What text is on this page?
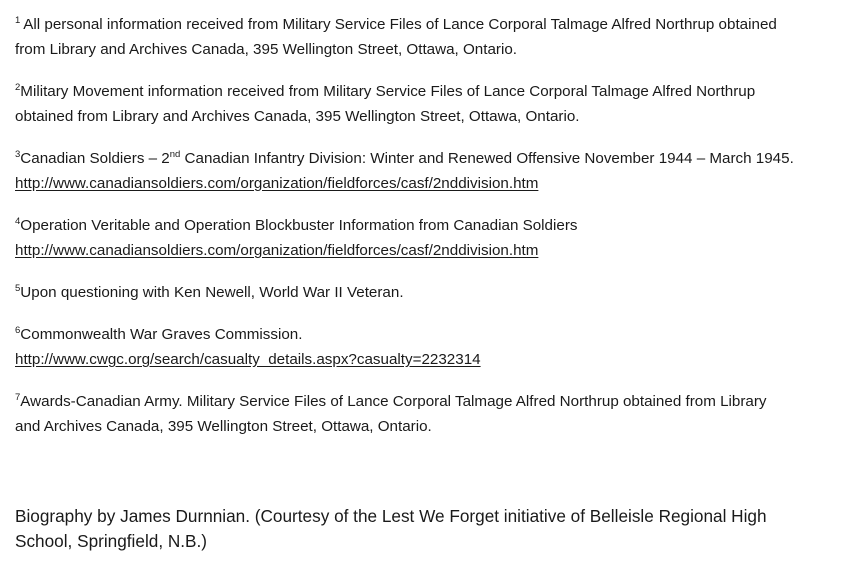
$^1$ All personal information received from Military Service Files of Lance Corporal Talmage Alfred Northrup obtained
from Library and Archives Canada, 395 Wellington Street, Ottawa, Ontario.

$^2$Military Movement information received from Military Service Files of Lance Corporal Talmage Alfred Northrup
obtained from Library and Archives Canada, 395 Wellington Street, Ottawa, Ontario.

$^3$Canadian Soldiers – 2nd Canadian Infantry Division: Winter and Renewed Offensive November 1944 – March 1945.
http://www.canadiansoldiers.com/organization/fieldforces/casf/2nddivision.htm

$^4$Operation Veritable and Operation Blockbuster Information from Canadian Soldiers
http://www.canadiansoldiers.com/organization/fieldforces/casf/2nddivision.htm

$^5$Upon questioning with Ken Newell, World War II Veteran.

$^6$Commonwealth War Graves Commission.
http://www.cwgc.org/search/casualty_details.aspx?casualty=2232314

$^7$Awards-Canadian Army. Military Service Files of Lance Corporal Talmage Alfred Northrup obtained from Library
and Archives Canada, 395 Wellington Street, Ottawa, Ontario.

Biography by James Durnnian. (Courtesy of the Lest We Forget initiative of Belleisle Regional High
School, Springfield, N.B.)
